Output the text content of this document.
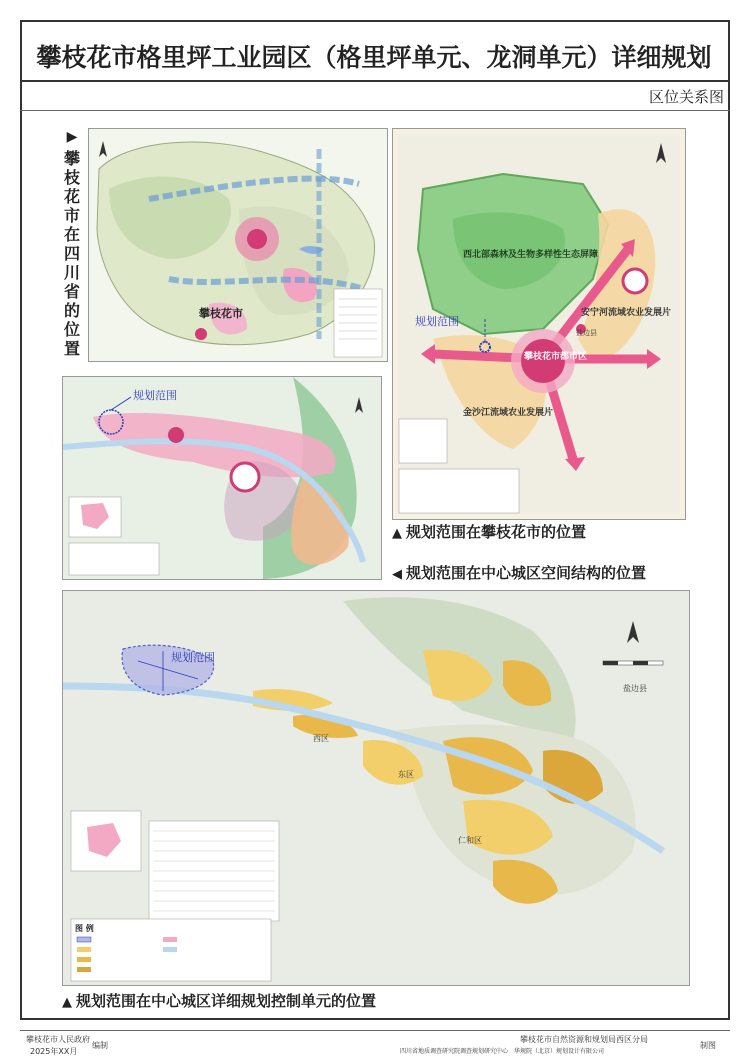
攀枝花市格里坪工业园区（格里坪单元、龙洞单元）详细规划
区位关系图
▶
攀
枝
花
市
在
四
川
省
的
位
置
攀枝花市
规划范围
西北部森林及生物多样性生态屏障
安宁河流域农业发展片
金沙江流域农业发展片
攀枝花市都市区
盐边县
规划范围
▲ 规划范围在攀枝花市的位置
◀ 规划范围在中心城区空间结构的位置
规划范围
西区
东区
仁和区
盐边县
图 例
▲ 规划范围在中心城区详细规划控制单元的位置
攀枝花市人民政府
2025年XX月
编制
攀枝花市自然资源和规划局西区分局
四川省地质调查研究院调查规划研究中心　华规院（北京）规划设计有限公司
制图
